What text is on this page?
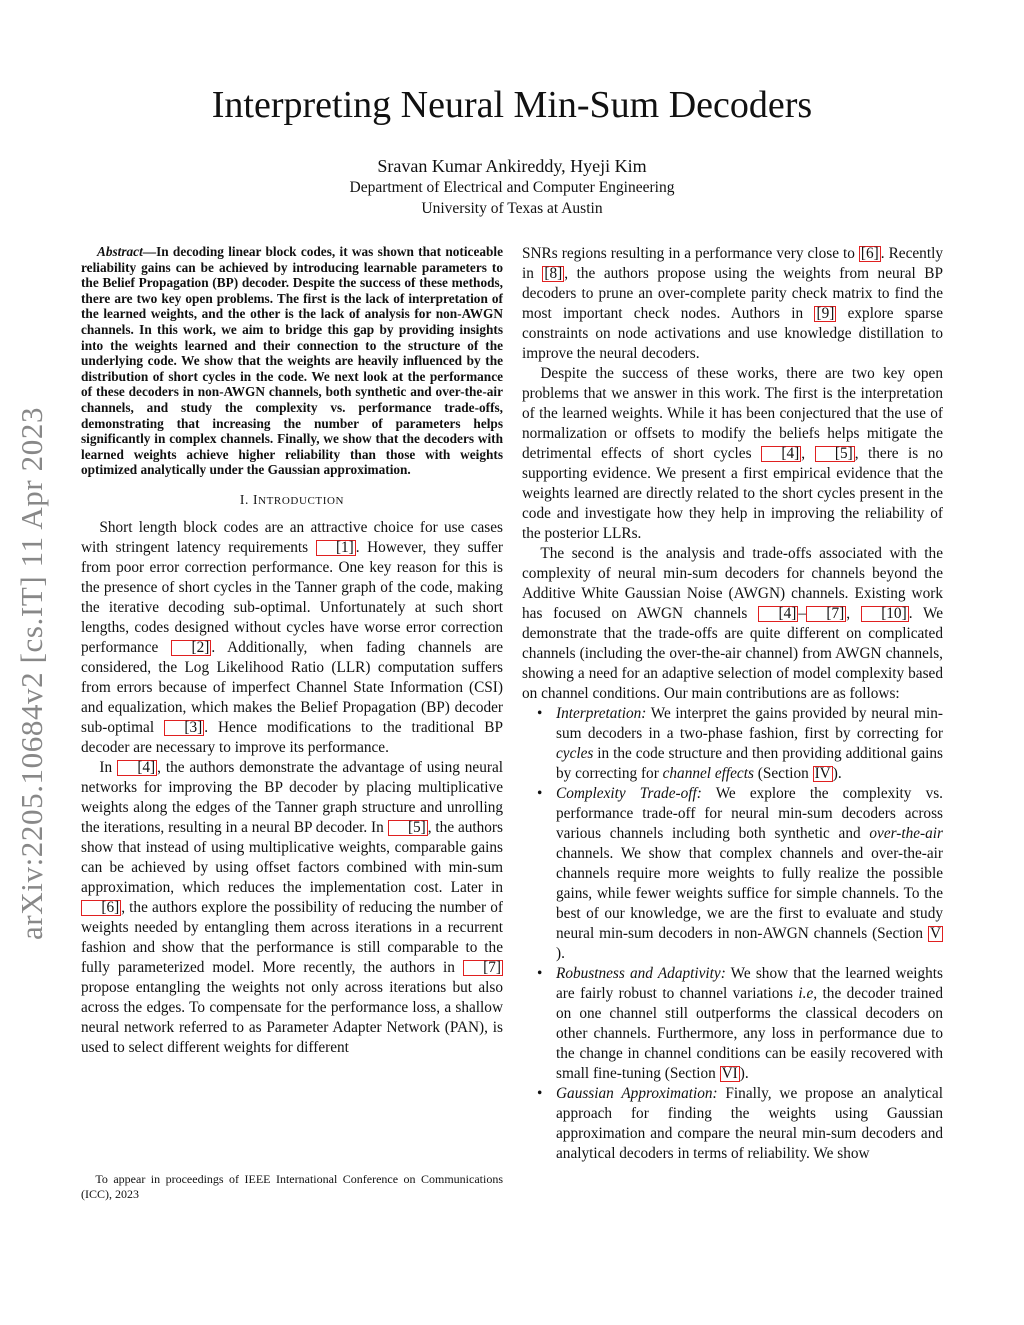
arXiv:2205.10684v2 [cs.IT] 11 Apr 2023
Interpreting Neural Min-Sum Decoders
Sravan Kumar Ankireddy, Hyeji Kim
Department of Electrical and Computer Engineering
University of Texas at Austin

Abstract—In decoding linear block codes, it was shown that noticeable reliability gains can be achieved by introducing learnable parameters to the Belief Propagation (BP) decoder. Despite the success of these methods, there are two key open problems. The first is the lack of interpretation of the learned weights, and the other is the lack of analysis for non-AWGN channels. In this work, we aim to bridge this gap by providing insights into the weights learned and their connection to the structure of the underlying code. We show that the weights are heavily influenced by the distribution of short cycles in the code. We next look at the performance of these decoders in non-AWGN channels, both synthetic and over-the-air channels, and study the complexity vs. performance trade-offs, demonstrating that increasing the number of parameters helps significantly in complex channels. Finally, we show that the decoders with learned weights achieve higher reliability than those with weights optimized analytically under the Gaussian approximation.

I. INTRODUCTION

Short length block codes are an attractive choice for use cases with stringent latency requirements [1] . However, they suffer from poor error correction performance. One key reason for this is the presence of short cycles in the Tanner graph of the code, making the iterative decoding sub-optimal. Unfortunately at such short lengths, codes designed without cycles have worse error correction performance [2] . Additionally, when fading channels are considered, the Log Likelihood Ratio (LLR) computation suffers from errors because of imperfect Channel State Information (CSI) and equalization, which makes the Belief Propagation (BP) decoder sub-optimal [3] . Hence modifications to the traditional BP decoder are necessary to improve its performance.

In [4] , the authors demonstrate the advantage of using neural networks for improving the BP decoder by placing multiplicative weights along the edges of the Tanner graph structure and unrolling the iterations, resulting in a neural BP decoder. In [5] , the authors show that instead of using multiplicative weights, comparable gains can be achieved by using offset factors combined with min-sum approximation, which reduces the implementation cost. Later in [6] , the authors explore the possibility of reducing the number of weights needed by entangling them across iterations in a recurrent fashion and show that the performance is still comparable to the fully parameterized model. More recently, the authors in [7] propose entangling the weights not only across iterations but also across the edges. To compensate for the performance loss, a shallow neural network referred to as Parameter Adapter Network (PAN), is used to select different weights for different

To appear in proceedings of IEEE International Conference on Communications (ICC), 2023

SNRs regions resulting in a performance very close to [6] . Recently in [8] , the authors propose using the weights from neural BP decoders to prune an over-complete parity check matrix to find the most important check nodes. Authors in [9] explore sparse constraints on node activations and use knowledge distillation to improve the neural decoders.

Despite the success of these works, there are two key open problems that we answer in this work. The first is the interpretation of the learned weights. While it has been conjectured that the use of normalization or offsets to modify the beliefs helps mitigate the detrimental effects of short cycles [4] , [5] , there is no supporting evidence. We present a first empirical evidence that the weights learned are directly related to the short cycles present in the code and investigate how they help in improving the reliability of the posterior LLRs.

The second is the analysis and trade-offs associated with the complexity of neural min-sum decoders for channels beyond the Additive White Gaussian Noise (AWGN) channels. Existing work has focused on AWGN channels [4] – [7] , [10] . We demonstrate that the trade-offs are quite different on complicated channels (including the over-the-air channel) from AWGN channels, showing a need for an adaptive selection of model complexity based on channel conditions. Our main contributions are as follows:

• Interpretation: We interpret the gains provided by neural min-sum decoders in a two-phase fashion, first by correcting for cycles in the code structure and then providing additional gains by correcting for channel effects (Section IV ).
• Complexity Trade-off: We explore the complexity vs. performance trade-off for neural min-sum decoders across various channels including both synthetic and over-the-air channels. We show that complex channels and over-the-air channels require more weights to fully realize the possible gains, while fewer weights suffice for simple channels. To the best of our knowledge, we are the first to evaluate and study neural min-sum decoders in non-AWGN channels (Section V).
• Robustness and Adaptivity: We show that the learned weights are fairly robust to channel variations i.e, the decoder trained on one channel still outperforms the classical decoders on other channels. Furthermore, any loss in performance due to the change in channel conditions can be easily recovered with small fine-tuning (Section VI ).
• Gaussian Approximation: Finally, we propose an analytical approach for finding the weights using Gaussian approximation and compare the neural min-sum decoders and analytical decoders in terms of reliability. We show
